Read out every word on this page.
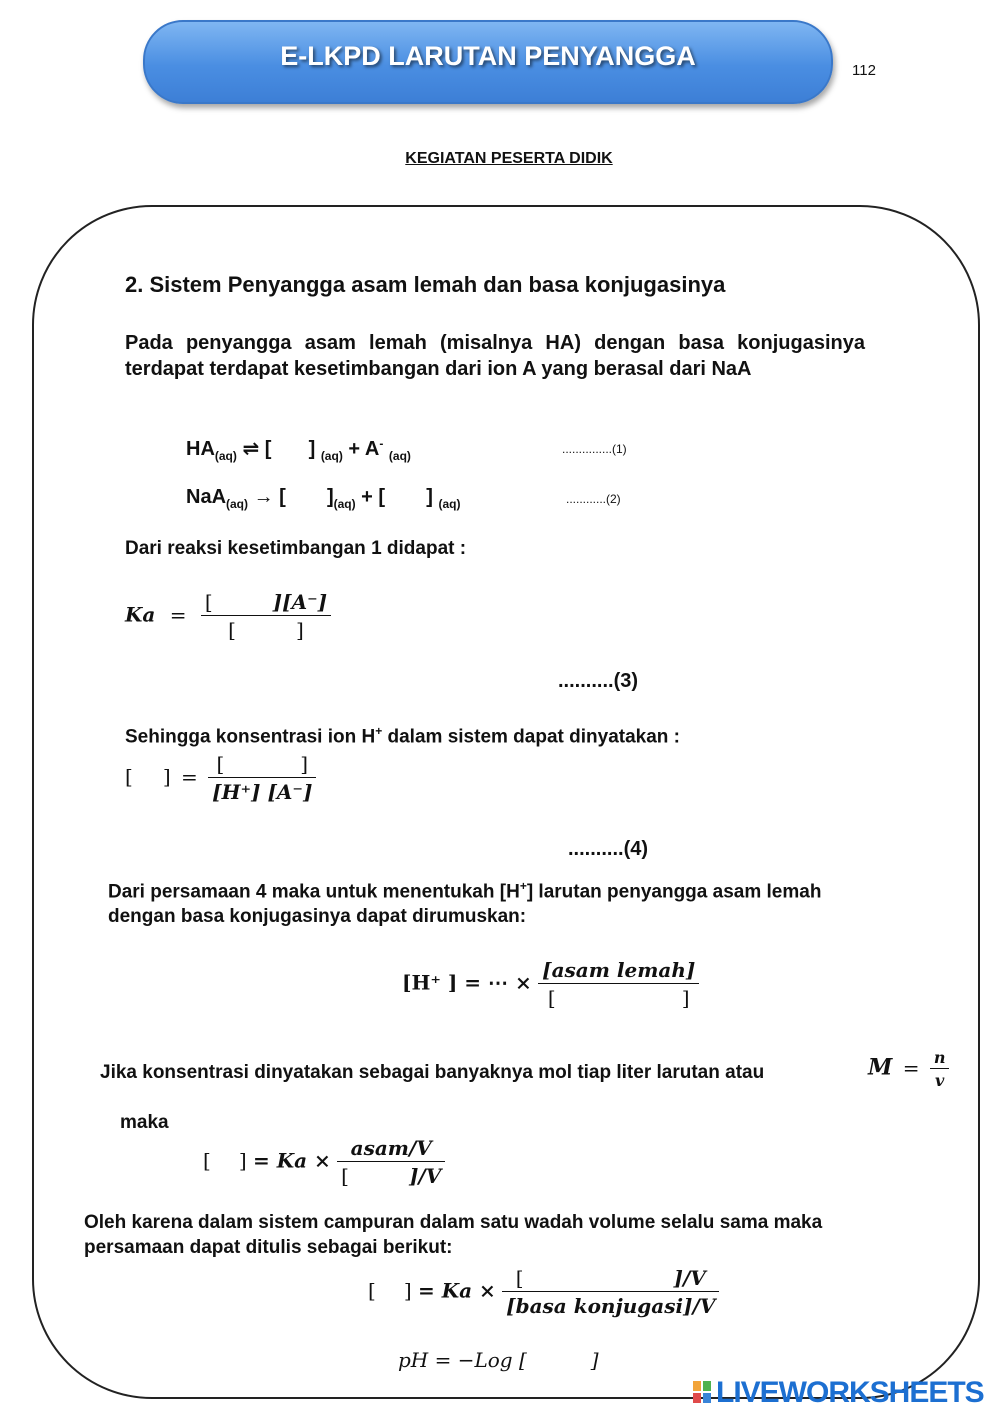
E-LKPD LARUTAN PENYANGGA	112
KEGIATAN PESERTA DIDIK
2. Sistem Penyangga asam lemah dan basa konjugasinya
Pada penyangga asam lemah (misalnya HA) dengan basa konjugasinya terdapat terdapat kesetimbangan dari ion A yang berasal dari NaA
$HA_{(aq)}$ ⇌ [ ] $_{(aq)}$ + A- $_{(aq)}$	...............(1)
NaA$_{(aq)}$ → [ ]$_{(aq)}$ + [ ] $_{(aq)}$	............(2)
Dari reaksi kesetimbangan 1 didapat :
Ka = [	][A⁻]
[	]
..........(3)
Sehingga konsentrasi ion H+ dalam sistem dapat dinyatakan :
[ ] = [	]
[H⁺] [A⁻]
..........(4)
Dari persamaan 4 maka untuk menentukah [H+] larutan penyangga asam lemah dengan basa konjugasinya dapat dirumuskan:
[H⁺ ] = ⋯ × [asam lemah]
[	]
Jika konsentrasi dinyatakan sebagai banyaknya mol tiap liter larutan atau	$M = \frac{n}{v}$
maka
[ ] = Ka × asam/V
[	]/V
Oleh karena dalam sistem campuran dalam satu wadah volume selalu sama maka persamaan dapat ditulis sebagai berikut:
[ ] = Ka × [	]/V
[basa konjugasi]/V
pH = −Log [	]
LIVEWORKSHEETS
